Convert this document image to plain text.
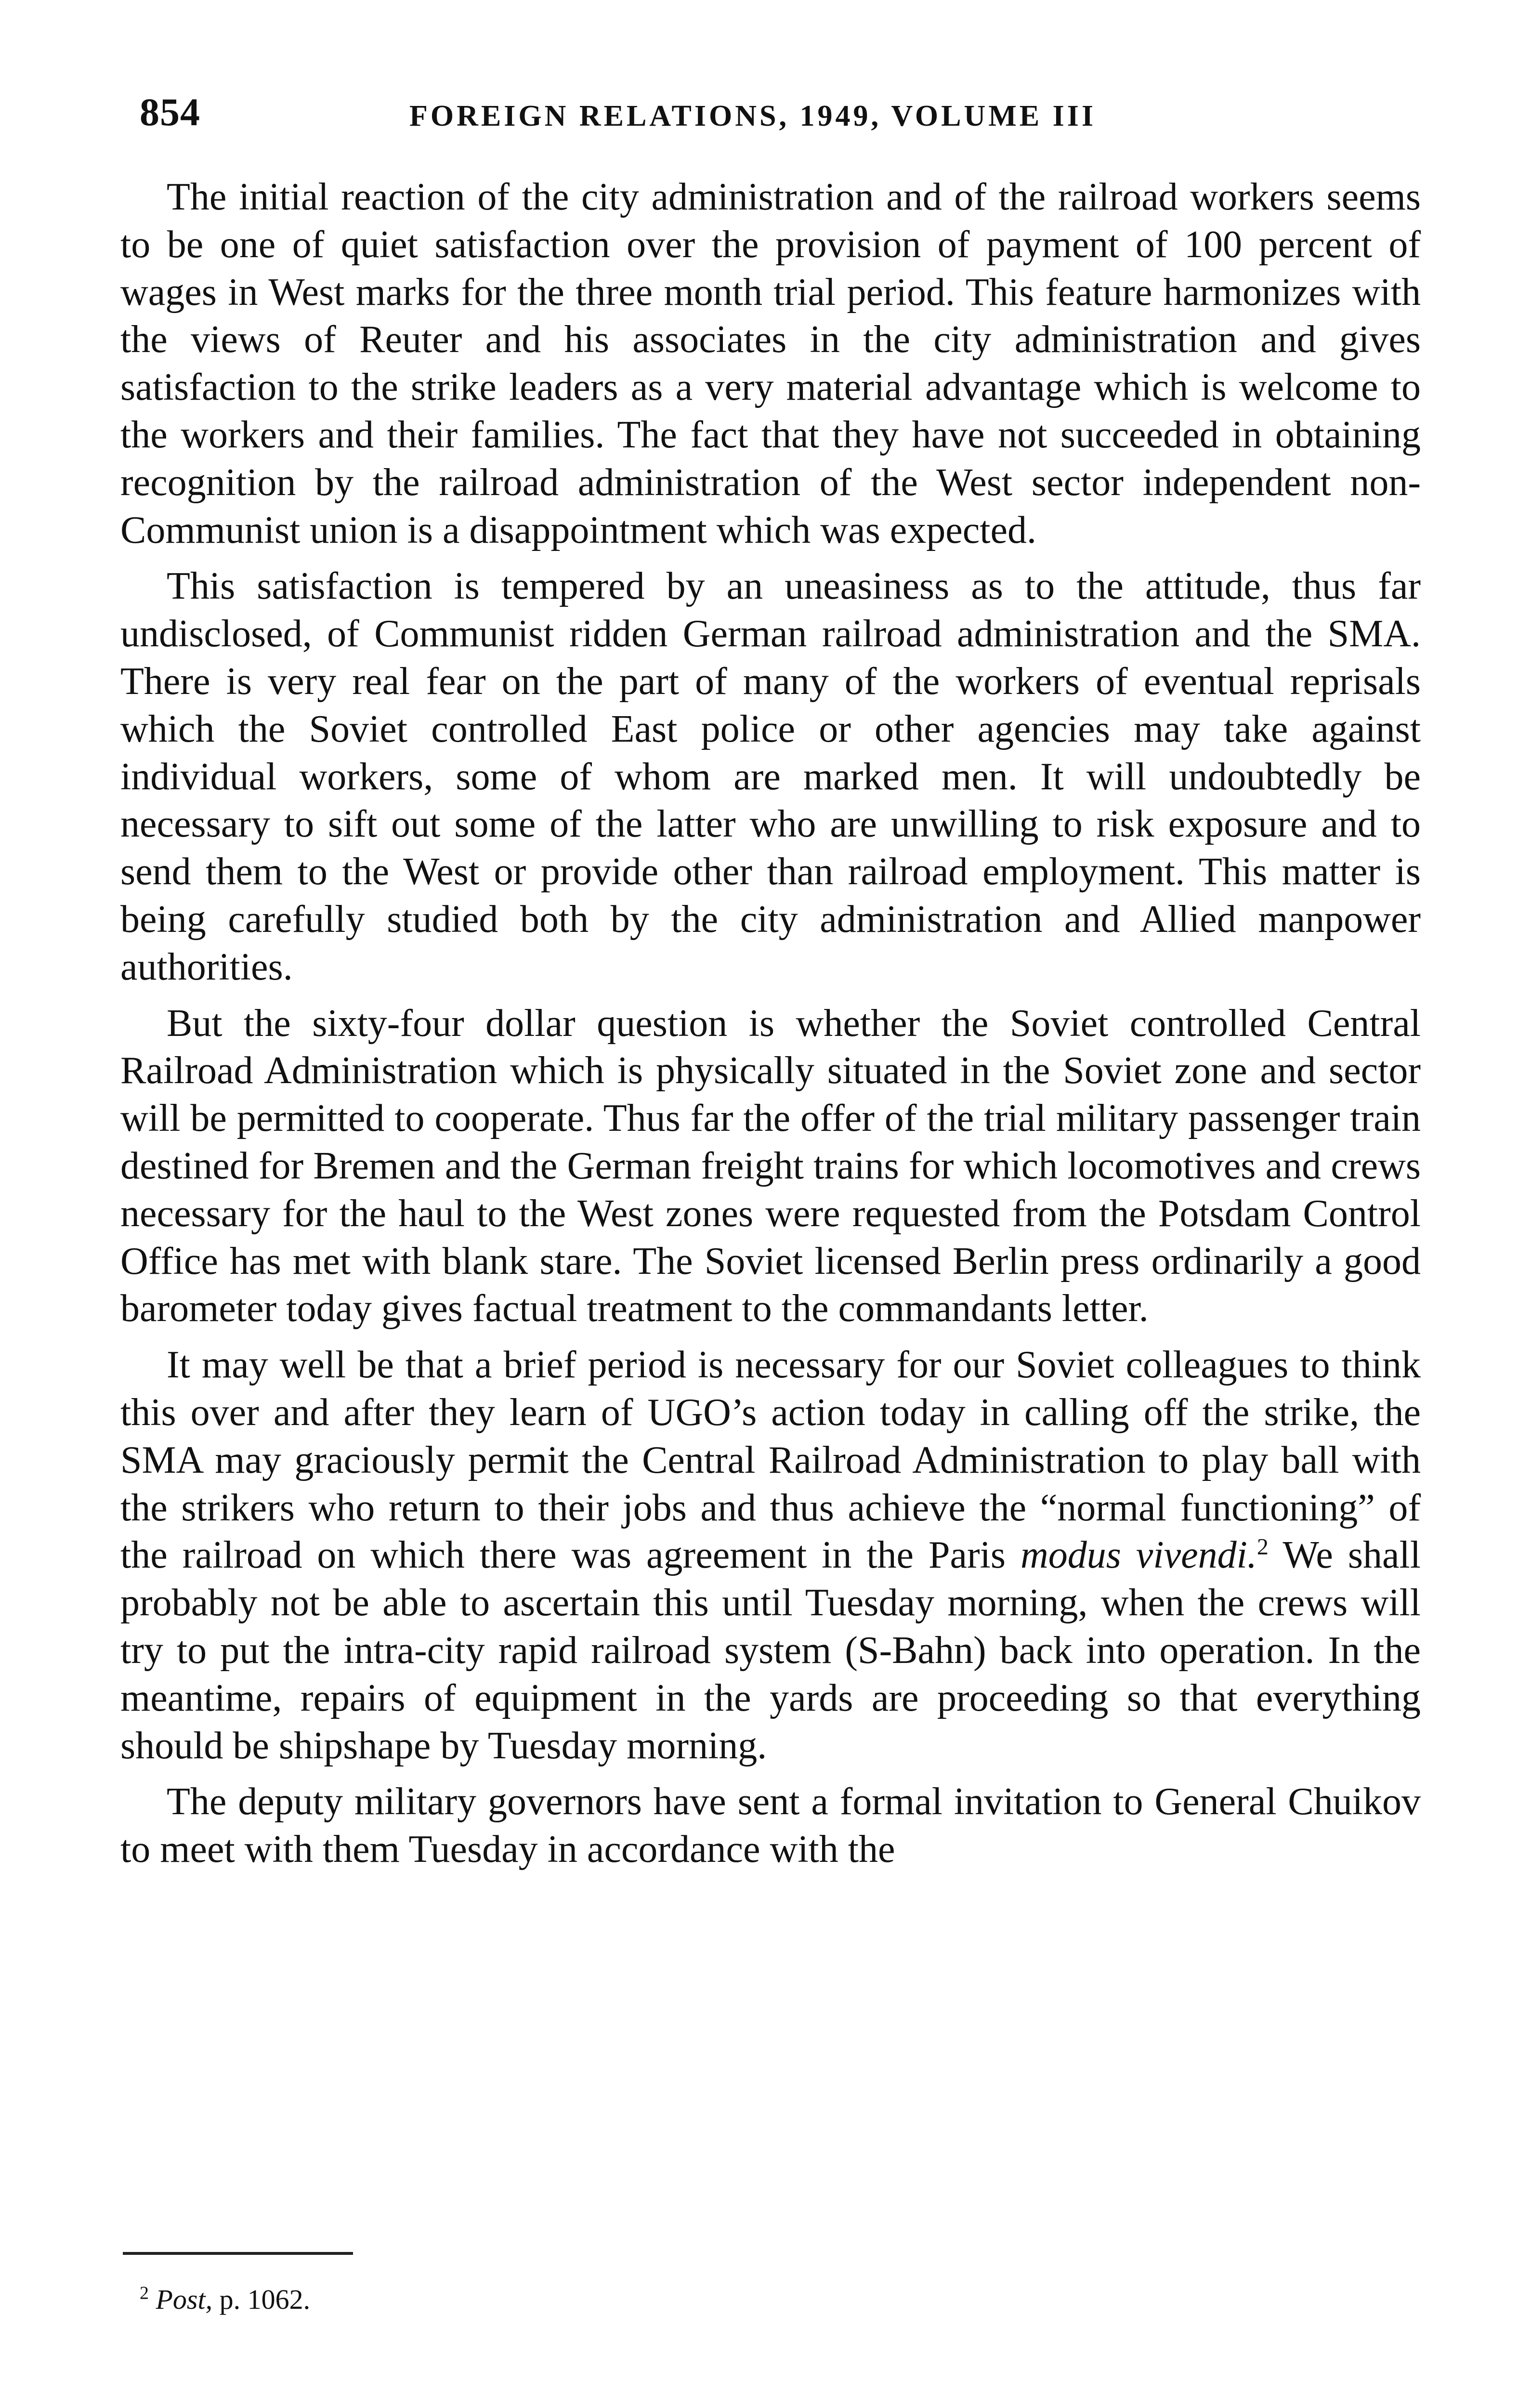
854	FOREIGN RELATIONS, 1949, VOLUME III

The initial reaction of the city administration and of the railroad workers seems to be one of quiet satisfaction over the provision of payment of 100 percent of wages in West marks for the three month trial period. This feature harmonizes with the views of Reuter and his associates in the city administration and gives satisfaction to the strike leaders as a very material advantage which is welcome to the workers and their families. The fact that they have not succeeded in obtaining recognition by the railroad administration of the West sector independent non-Communist union is a disappointment which was expected.

This satisfaction is tempered by an uneasiness as to the attitude, thus far undisclosed, of Communist ridden German railroad administration and the SMA. There is very real fear on the part of many of the workers of eventual reprisals which the Soviet controlled East police or other agencies may take against individual workers, some of whom are marked men. It will undoubtedly be necessary to sift out some of the latter who are unwilling to risk exposure and to send them to the West or provide other than railroad employment. This matter is being carefully studied both by the city administration and Allied manpower authorities.

But the sixty-four dollar question is whether the Soviet controlled Central Railroad Administration which is physically situated in the Soviet zone and sector will be permitted to cooperate. Thus far the offer of the trial military passenger train destined for Bremen and the German freight trains for which locomotives and crews necessary for the haul to the West zones were requested from the Potsdam Control Office has met with blank stare. The Soviet licensed Berlin press ordinarily a good barometer today gives factual treatment to the commandants letter.

It may well be that a brief period is necessary for our Soviet colleagues to think this over and after they learn of UGO’s action today in calling off the strike, the SMA may graciously permit the Central Railroad Administration to play ball with the strikers who return to their jobs and thus achieve the “normal functioning” of the railroad on which there was agreement in the Paris modus vivendi.$^2$ We shall probably not be able to ascertain this until Tuesday morning, when the crews will try to put the intra-city rapid railroad system (S-Bahn) back into operation. In the meantime, repairs of equipment in the yards are proceeding so that everything should be shipshape by Tuesday morning.

The deputy military governors have sent a formal invitation to General Chuikov to meet with them Tuesday in accordance with the

$^2$ Post, p. 1062.
